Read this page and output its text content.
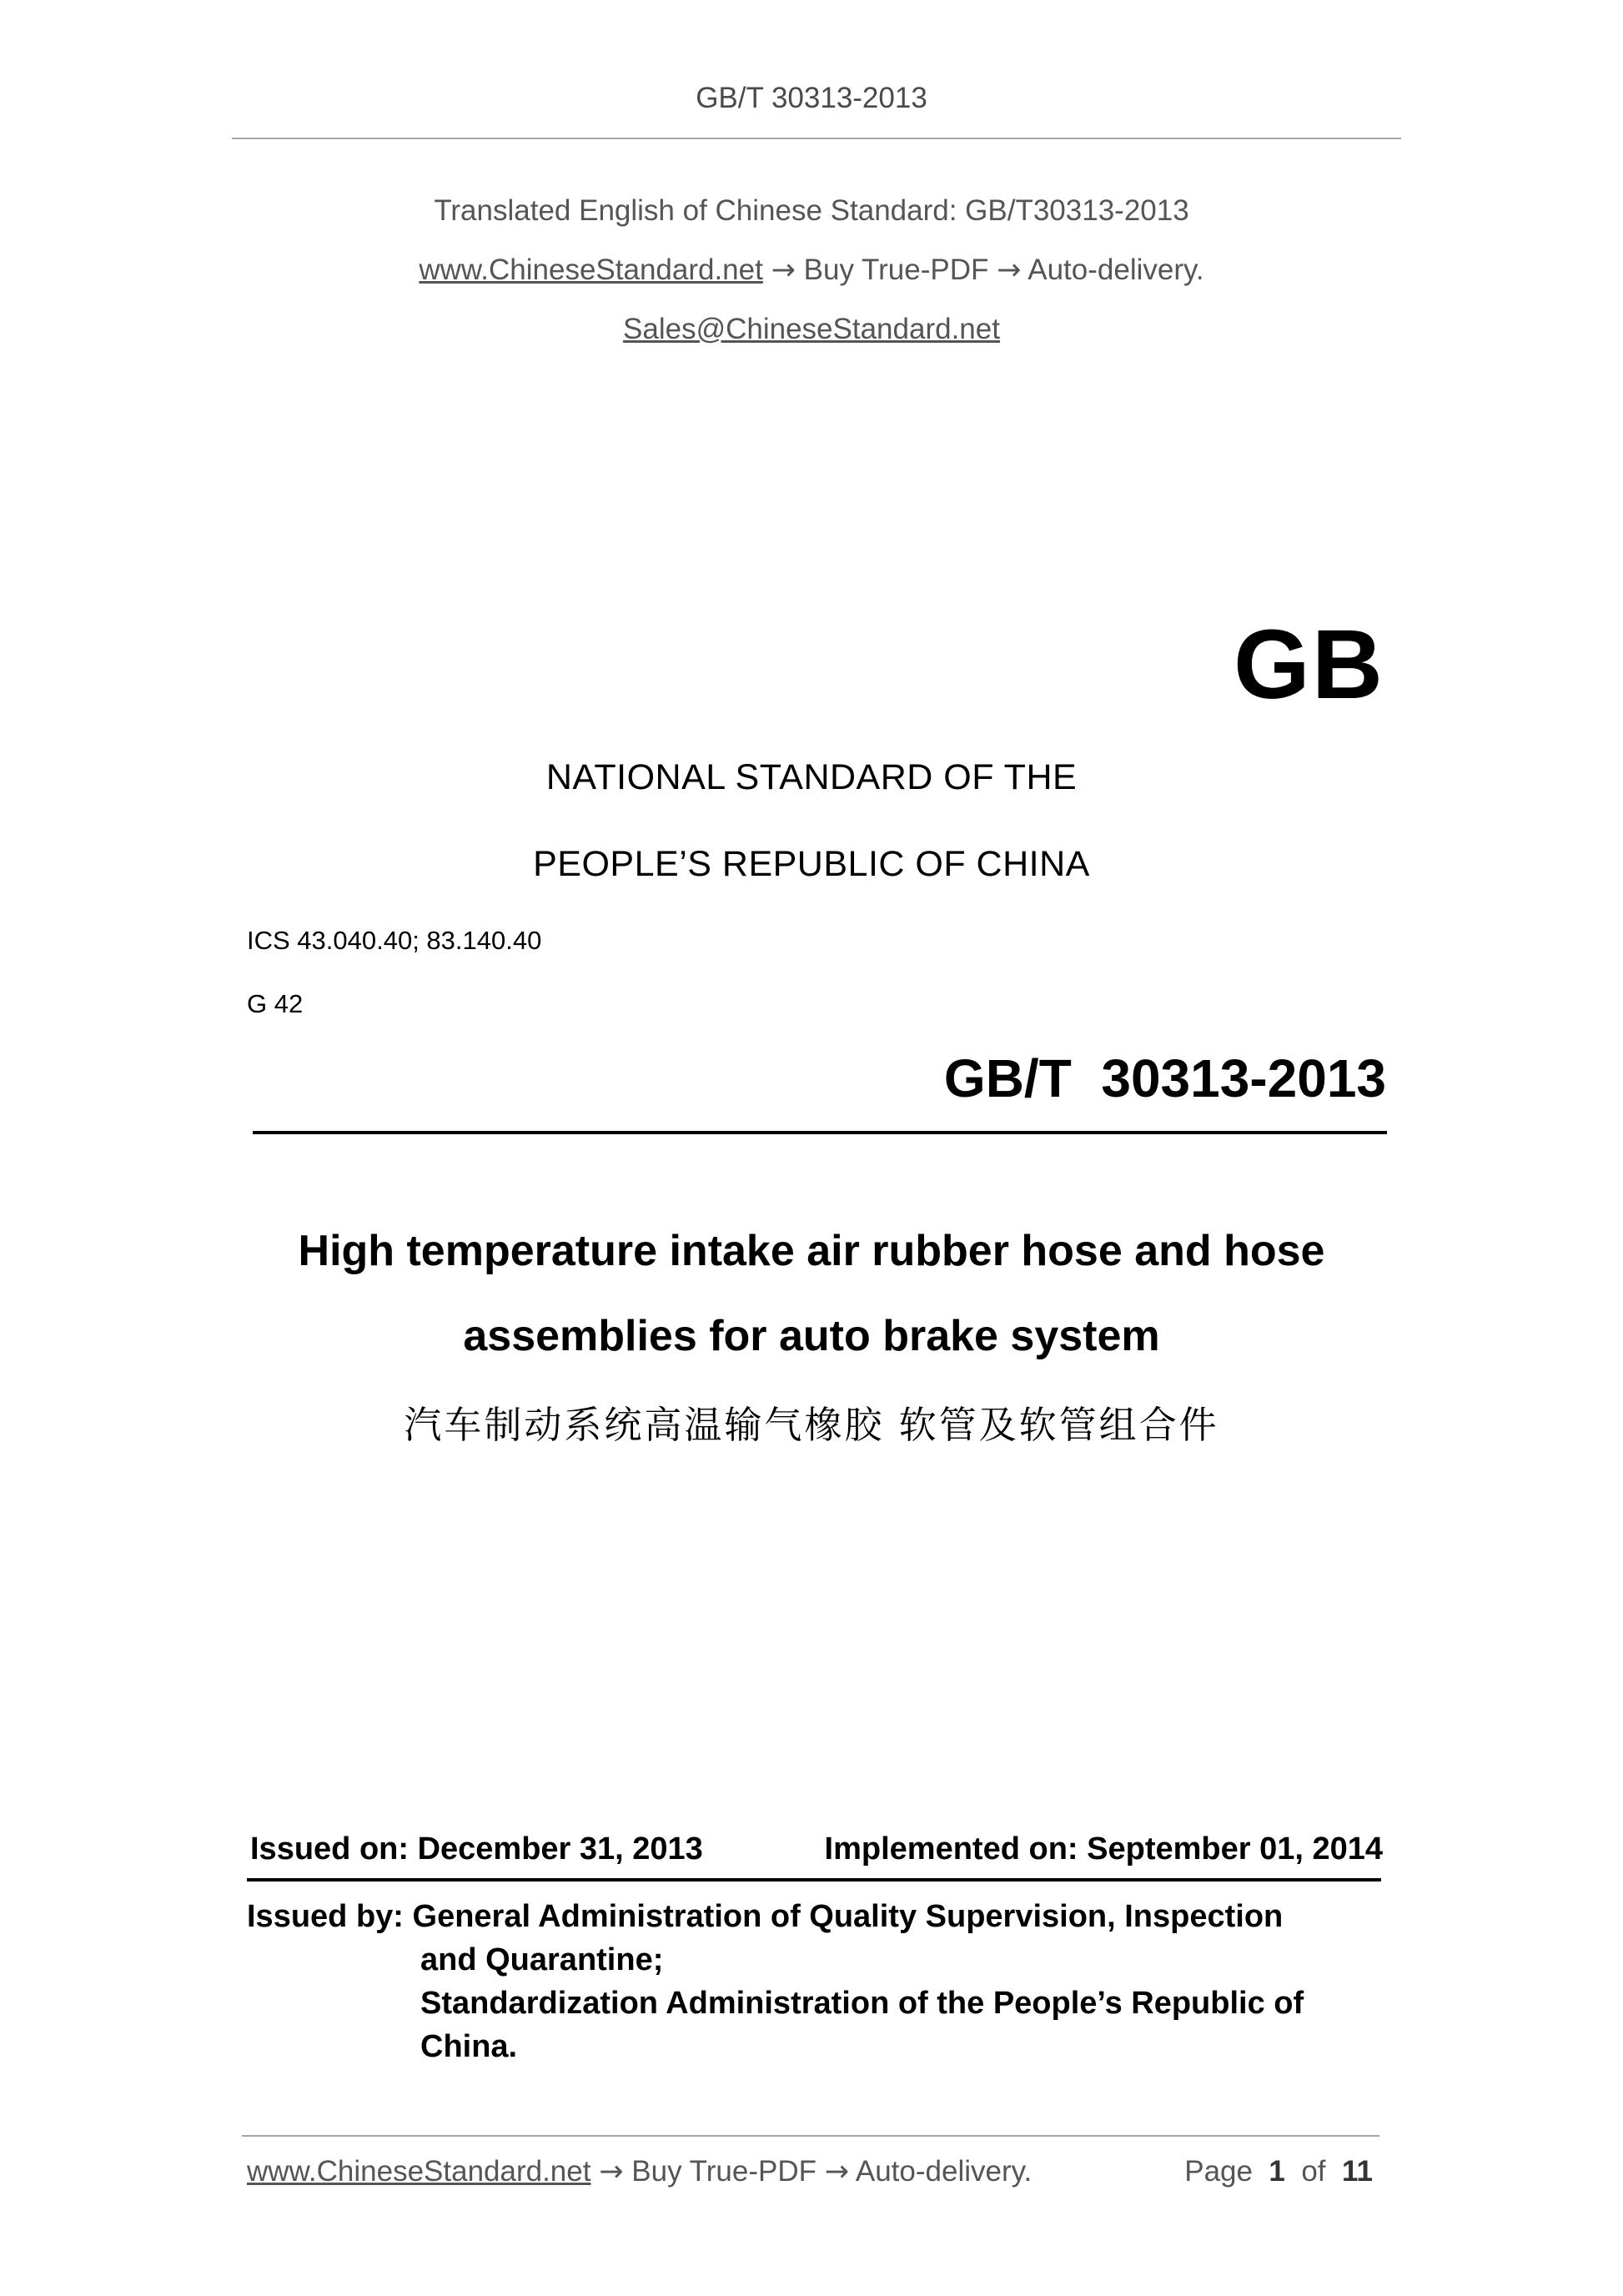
GB/T 30313-2013
Translated English of Chinese Standard: GB/T30313-2013
www.ChineseStandard.net → Buy True-PDF → Auto-delivery.
Sales@ChineseStandard.net
GB
NATIONAL STANDARD OF THE
PEOPLE’S REPUBLIC OF CHINA
ICS 43.040.40; 83.140.40
G 42
GB/T  30313-2013
High temperature intake air rubber hose and hose
assemblies for auto brake system
汽车制动系统高温输气橡胶 软管及软管组合件
Issued on: December 31, 2013	Implemented on: September 01, 2014
Issued by: General Administration of Quality Supervision, Inspection
and Quarantine;
Standardization Administration of the People’s Republic of
China.
www.ChineseStandard.net → Buy True-PDF → Auto-delivery.	Page 1 of 11
